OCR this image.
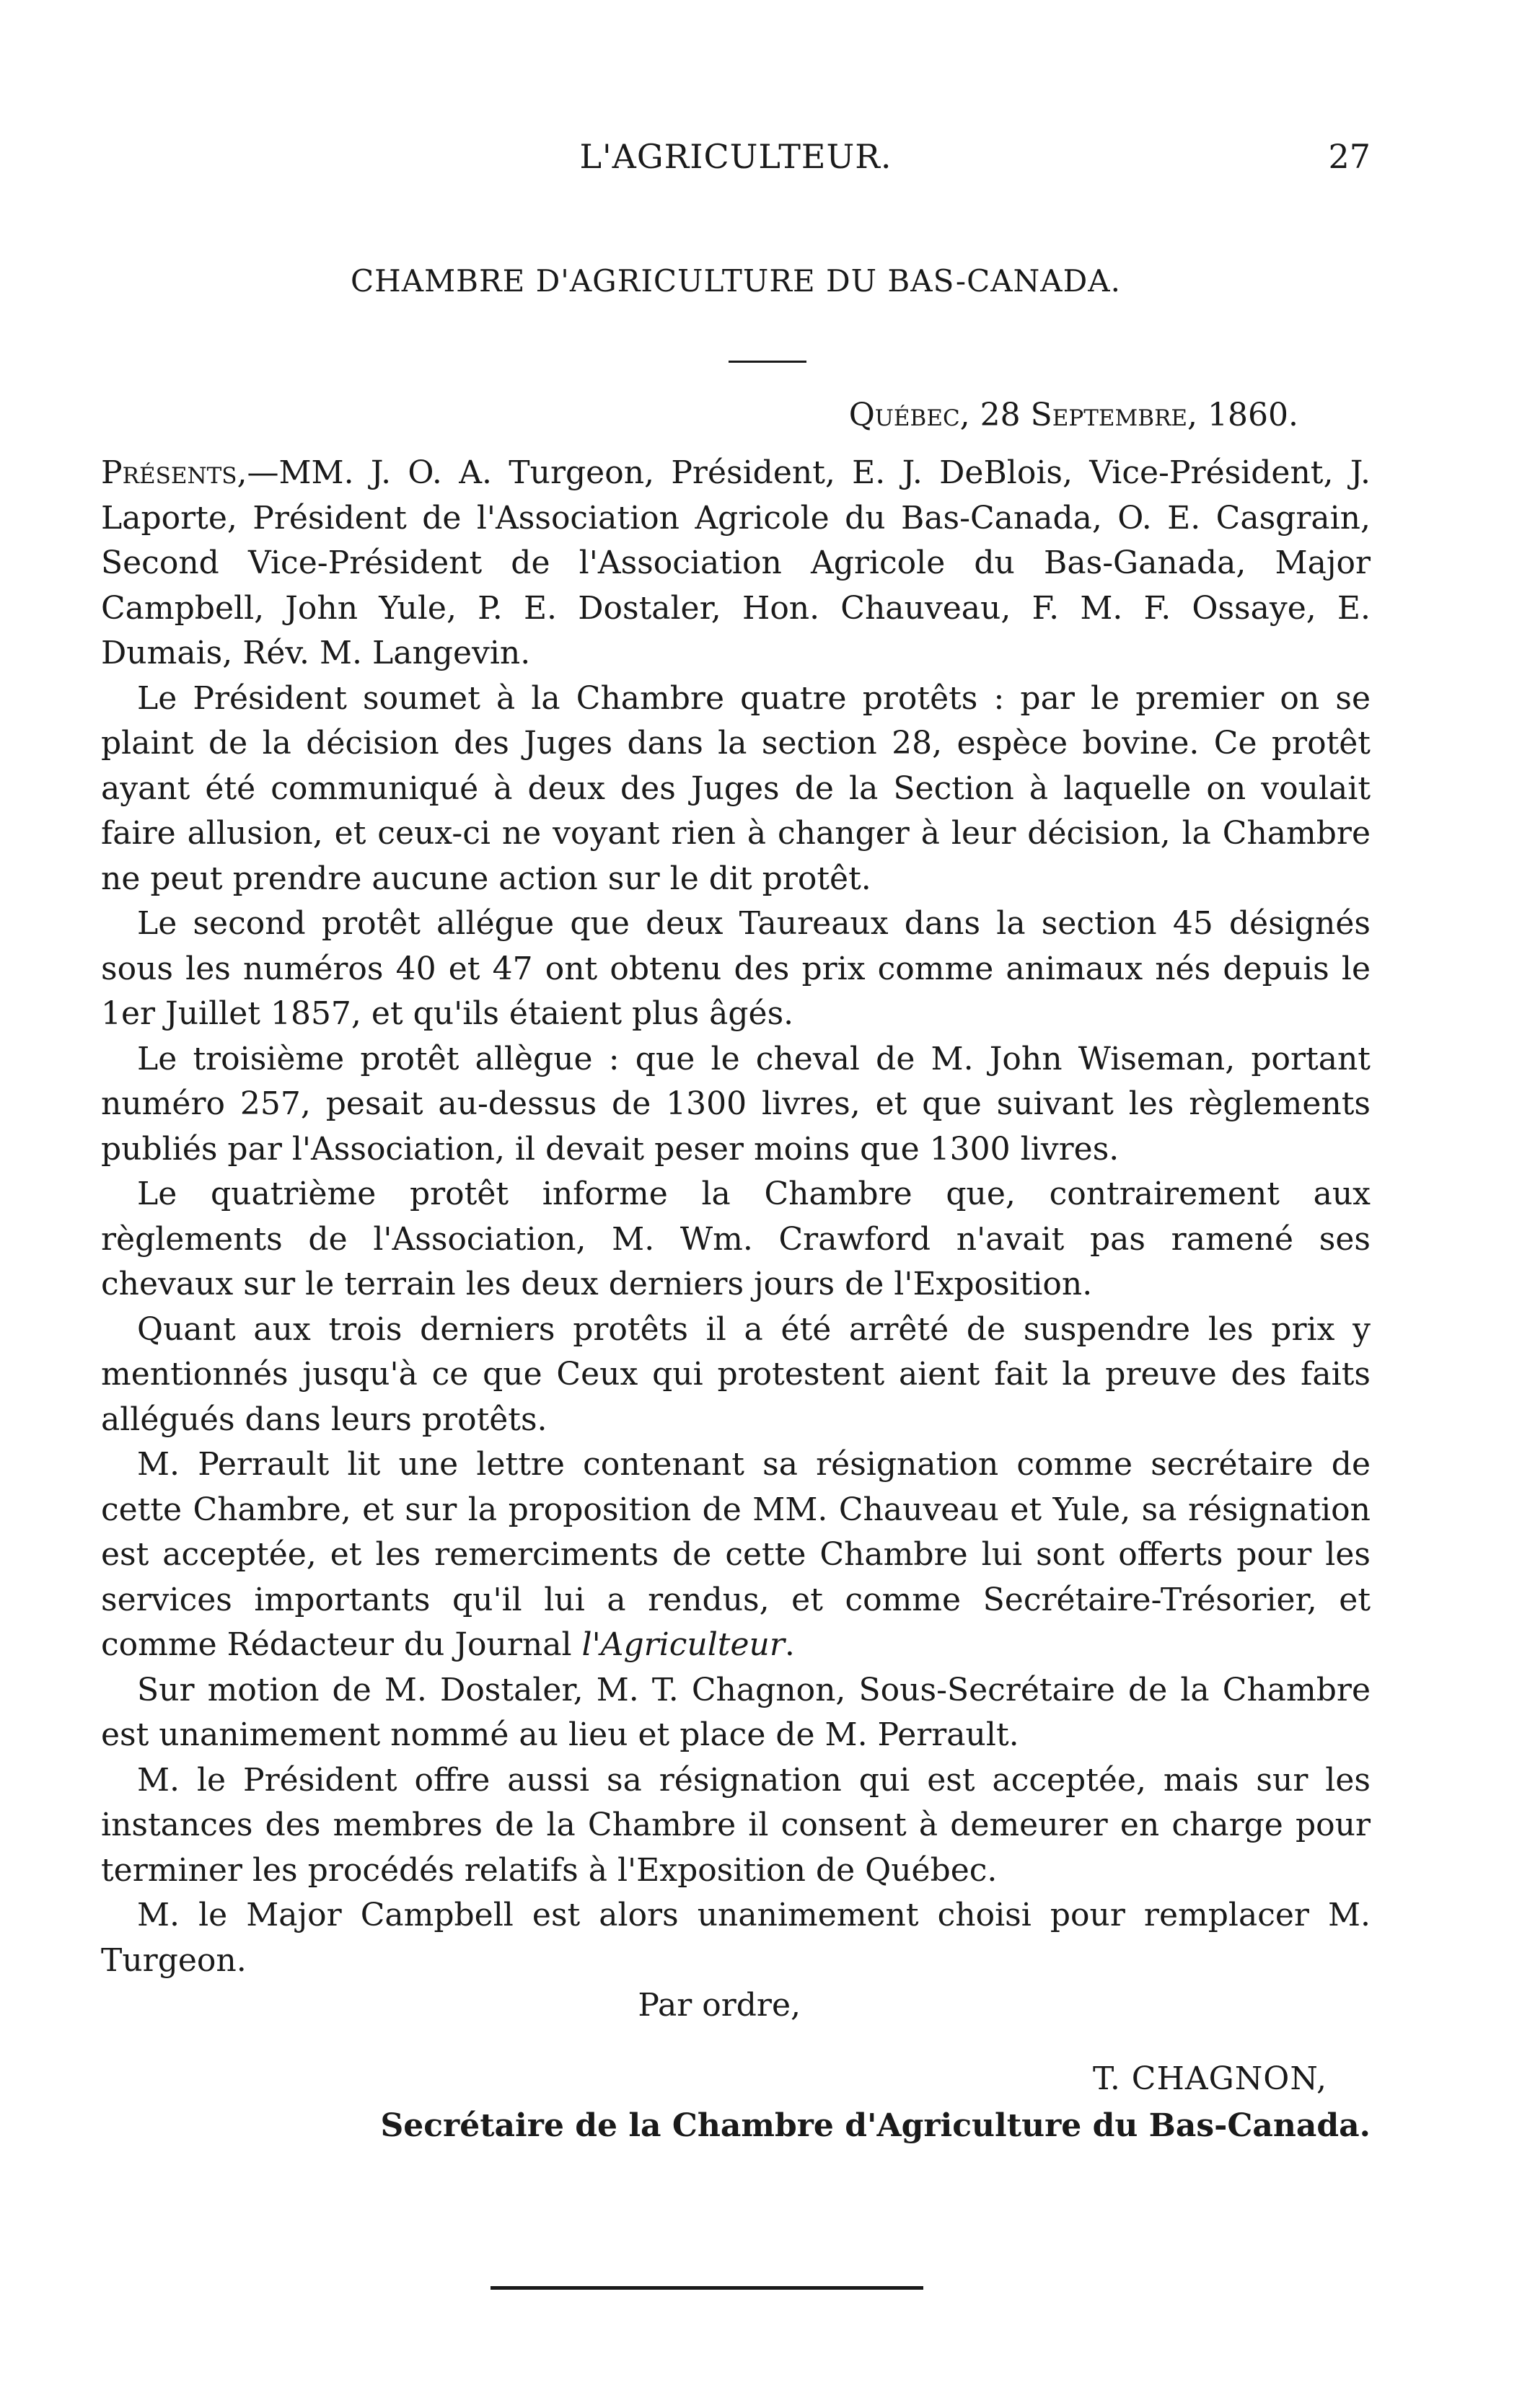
L'AGRICULTEUR.	27
CHAMBRE D'AGRICULTURE DU BAS-CANADA.
Québec, 28 Septembre, 1860.

Présents,—MM. J. O. A. Turgeon, Président, E. J. DeBlois, Vice-Président, J. Laporte, Président de l'Association Agricole du Bas-Canada, O. E. Casgrain, Second Vice-Président de l'Association Agricole du Bas-Ganada, Major Campbell, John Yule, P. E. Dostaler, Hon. Chauveau, F. M. F. Ossaye, E. Dumais, Rév. M. Langevin.

Le Président soumet à la Chambre quatre protêts : par le premier on se plaint de la décision des Juges dans la section 28, espèce bovine. Ce protêt ayant été communiqué à deux des Juges de la Section à laquelle on voulait faire allusion, et ceux-ci ne voyant rien à changer à leur décision, la Chambre ne peut prendre aucune action sur le dit protêt.

Le second protêt allégue que deux Taureaux dans la section 45 désignés sous les numéros 40 et 47 ont obtenu des prix comme animaux nés depuis le 1er Juillet 1857, et qu'ils étaient plus âgés.

Le troisième protêt allègue : que le cheval de M. John Wiseman, portant numéro 257, pesait au-dessus de 1300 livres, et que suivant les règlements publiés par l'Association, il devait peser moins que 1300 livres.

Le quatrième protêt informe la Chambre que, contrairement aux règlements de l'Association, M. Wm. Crawford n'avait pas ramené ses chevaux sur le terrain les deux derniers jours de l'Exposition.

Quant aux trois derniers protêts il a été arrêté de suspendre les prix y mentionnés jusqu'à ce que Ceux qui protestent aient fait la preuve des faits allégués dans leurs protêts.

M. Perrault lit une lettre contenant sa résignation comme secrétaire de cette Chambre, et sur la proposition de MM. Chauveau et Yule, sa résignation est acceptée, et les remerciments de cette Chambre lui sont offerts pour les services importants qu'il lui a rendus, et comme Secrétaire-Trésorier, et comme Rédacteur du Journal l'Agriculteur.

Sur motion de M. Dostaler, M. T. Chagnon, Sous-Secrétaire de la Chambre est unanimement nommé au lieu et place de M. Perrault.

M. le Président offre aussi sa résignation qui est acceptée, mais sur les instances des membres de la Chambre il consent à demeurer en charge pour terminer les procédés relatifs à l'Exposition de Québec.

M. le Major Campbell est alors unanimement choisi pour remplacer M. Turgeon.

Par ordre,

T. CHAGNON,
Secrétaire de la Chambre d'Agriculture du Bas-Canada.
